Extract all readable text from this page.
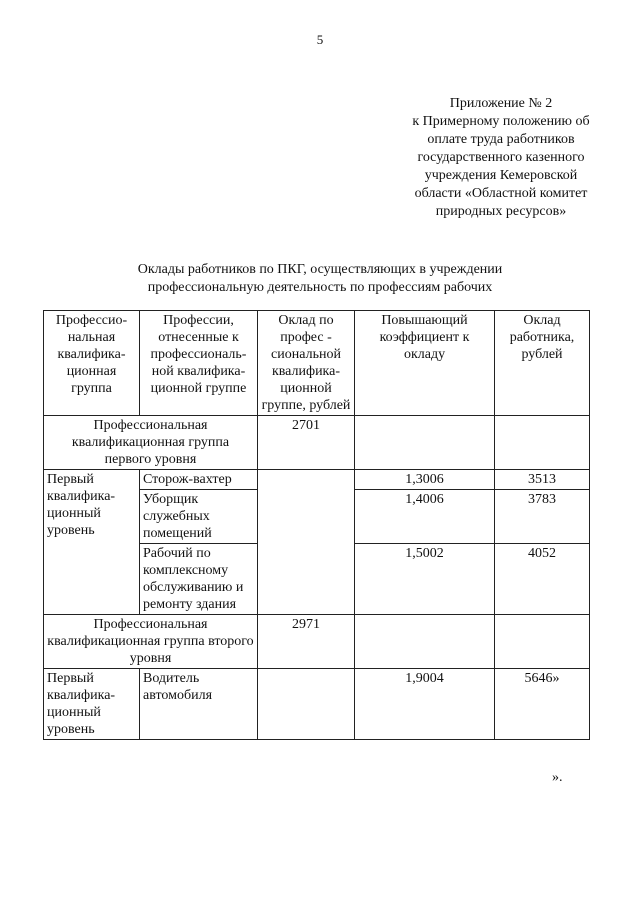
5
Приложение № 2
к Примерному положению об
оплате труда работников
государственного казенного
учреждения Кемеровской
области «Областной комитет
природных ресурсов»
Оклады работников по ПКГ, осуществляющих в учреждении
профессиональную деятельность по профессиям рабочих
Професcио-нальная квалифика-ционная группа	Профессии, отнесенные к профессиональ-ной квалифика-ционной группе	Оклад по профес - сиональной квалифика-ционной группе, рублей	Повышающий коэффициент к окладу	Оклад работника, рублей
Профессиональная квалификационная группа первого уровня		2701		
Первый квалифика-ционный уровень	Сторож-вахтер		1,3006	3513
	Уборщик служебных помещений		1,4006	3783
	Рабочий по комплексному обслуживанию и ремонту здания		1,5002	4052
Профессиональная квалификационная группа второго уровня		2971		
Первый квалифика-ционный уровень	Водитель автомобиля		1,9004	5646»
».
